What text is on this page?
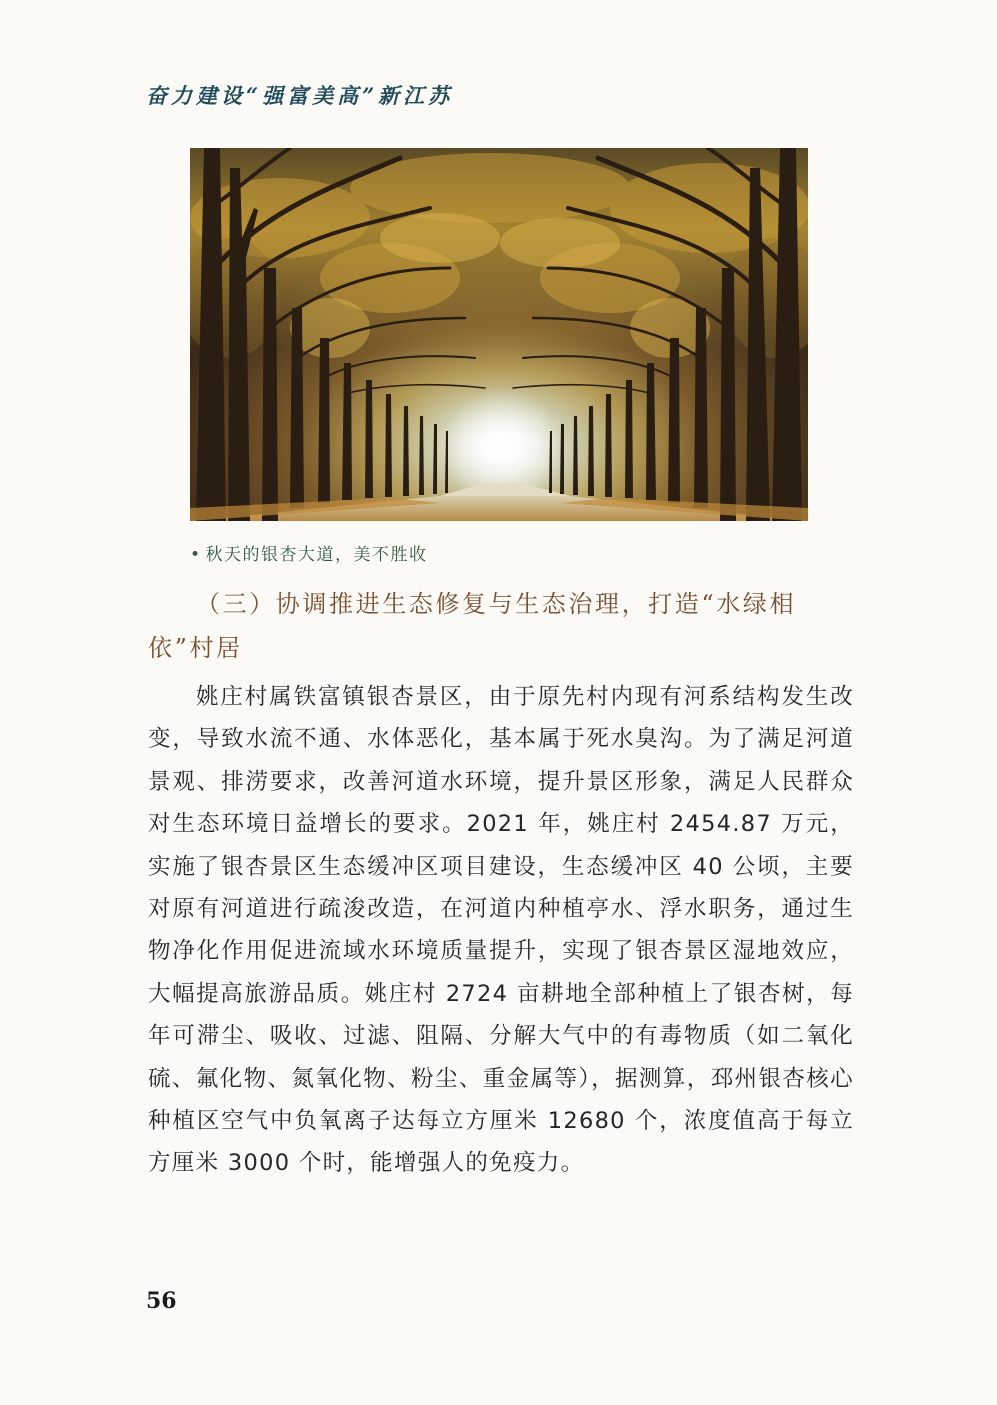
奋力建设“强富美高”新江苏
• 秋天的银杏大道，美不胜收
（三）协调推进生态修复与生态治理，打造“水绿相依”村居

姚庄村属铁富镇银杏景区，由于原先村内现有河系结构发生改变，导致水流不通、水体恶化，基本属于死水臭沟。为了满足河道景观、排涝要求，改善河道水环境，提升景区形象，满足人民群众对生态环境日益增长的要求。2021 年，姚庄村 2454.87 万元，实施了银杏景区生态缓冲区项目建设，生态缓冲区 40 公顷，主要对原有河道进行疏浚改造，在河道内种植亭水、浮水职务，通过生物净化作用促进流域水环境质量提升，实现了银杏景区湿地效应，大幅提高旅游品质。姚庄村 2724 亩耕地全部种植上了银杏树，每年可滞尘、吸收、过滤、阻隔、分解大气中的有毒物质（如二氧化硫、氟化物、氮氧化物、粉尘、重金属等），据测算，邳州银杏核心种植区空气中负氧离子达每立方厘米 12680 个，浓度值高于每立方厘米 3000 个时，能增强人的免疫力。

56
